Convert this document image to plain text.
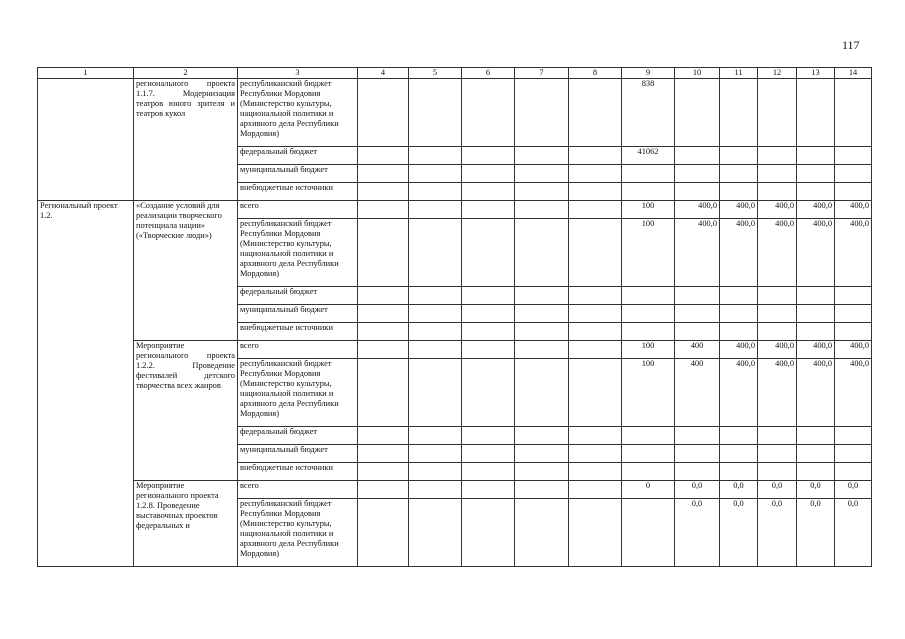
117
1	2	3	4	5	6	7	8	9	10	11	12	13	14
	регионального проекта 1.1.7. Модернизация театров юного зрителя и театров кукол	республиканский бюджет Республики Мордовия (Министерство культуры, национальной политики и архивного дела Республики Мордовия)						838					
		федеральный бюджет						41062					
		муниципальный бюджет											
		внебюджетные источники											
Региональный проект 1.2.	«Создание условий для реализации творческого потенциала нации» («Творческие люди»)	всего						100	400,0	400,0	400,0	400,0	400,0
		республиканский бюджет Республики Мордовия (Министерство культуры, национальной политики и архивного дела Республики Мордовия)						100	400,0	400,0	400,0	400,0	400,0
		федеральный бюджет											
		муниципальный бюджет											
		внебюджетные источники											
	Мероприятие регионального проекта 1.2.2. Проведение фестивалей детского творчества всех жанров	всего						100	400	400,0	400,0	400,0	400,0
		республиканский бюджет Республики Мордовия (Министерство культуры, национальной политики и архивного дела Республики Мордовия)						100	400	400,0	400,0	400,0	400,0
		федеральный бюджет											
		муниципальный бюджет											
		внебюджетные источники											
	Мероприятие регионального проекта 1.2.8. Проведение выставочных проектов федеральных и	всего						0	0,0	0,0	0,0	0,0	0,0
		республиканский бюджет Республики Мордовия (Министерство культуры, национальной политики и архивного дела Республики Мордовия)							0,0	0,0	0,0	0,0	0,0
